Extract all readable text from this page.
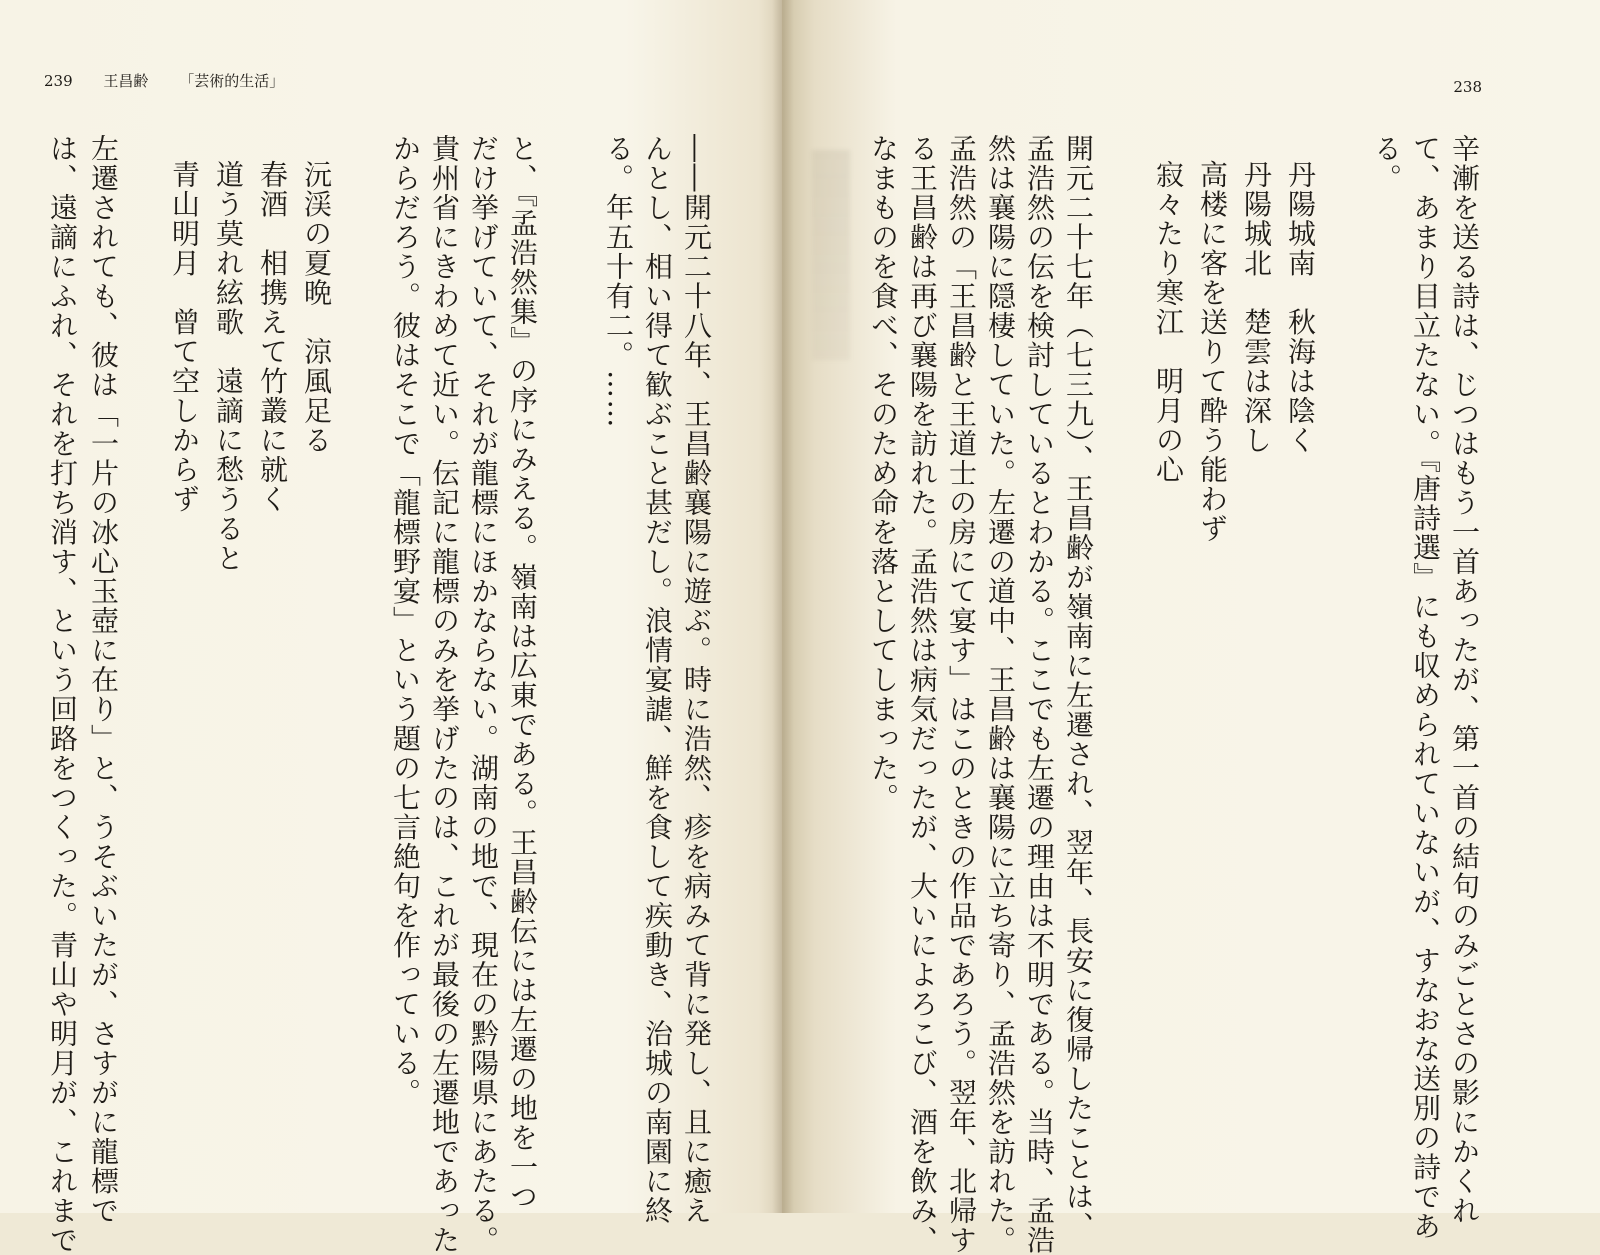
239 王昌齢 「芸術的生活」
――開元二十八年、王昌齢襄陽に遊ぶ。時に浩然、疹を病みて背に発し、且に癒え
んとし、相い得て歓ぶこと甚だし。浪情宴謔、鮮を食して疾動き、治城の南園に終
る。年五十有二。……
と、『孟浩然集』の序にみえる。嶺南は広東である。王昌齢伝には左遷の地を一つ
だけ挙げていて、それが龍標にほかならない。湖南の地で、現在の黔陽県にあたる。
貴州省にきわめて近い。伝記に龍標のみを挙げたのは、これが最後の左遷地であった
からだろう。彼はそこで「龍標野宴」という題の七言絶句を作っている。
沅渓の夏晩　涼風足る
春酒　相携えて竹叢に就く
道う莫れ絃歌　遠謫に愁うると
青山明月　曾て空しからず
左遷されても、彼は「一片の冰心玉壺に在り」と、うそぶいたが、さすがに龍標で
は、遠謫にふれ、それを打ち消す、という回路をつくった。青山や明月が、これまで	辛漸を送る詩は、じつはもう一首あったが、第一首の結句のみごとさの影にかくれ
て、あまり目立たない。『唐詩選』にも収められていないが、すなおな送別の詩であ
る。
丹陽城南　秋海は陰く
丹陽城北　楚雲は深し
高楼に客を送りて酔う能わず
寂々たり寒江　明月の心
開元二十七年（七三九）、王昌齢が嶺南に左遷され、翌年、長安に復帰したことは、
孟浩然の伝を検討しているとわかる。ここでも左遷の理由は不明である。当時、孟浩
然は襄陽に隠棲していた。左遷の道中、王昌齢は襄陽に立ち寄り、孟浩然を訪れた。
孟浩然の「王昌齢と王道士の房にて宴す」はこのときの作品であろう。翌年、北帰す
る王昌齢は再び襄陽を訪れた。孟浩然は病気だったが、大いによろこび、酒を飲み、
なまものを食べ、そのため命を落としてしまった。
238
